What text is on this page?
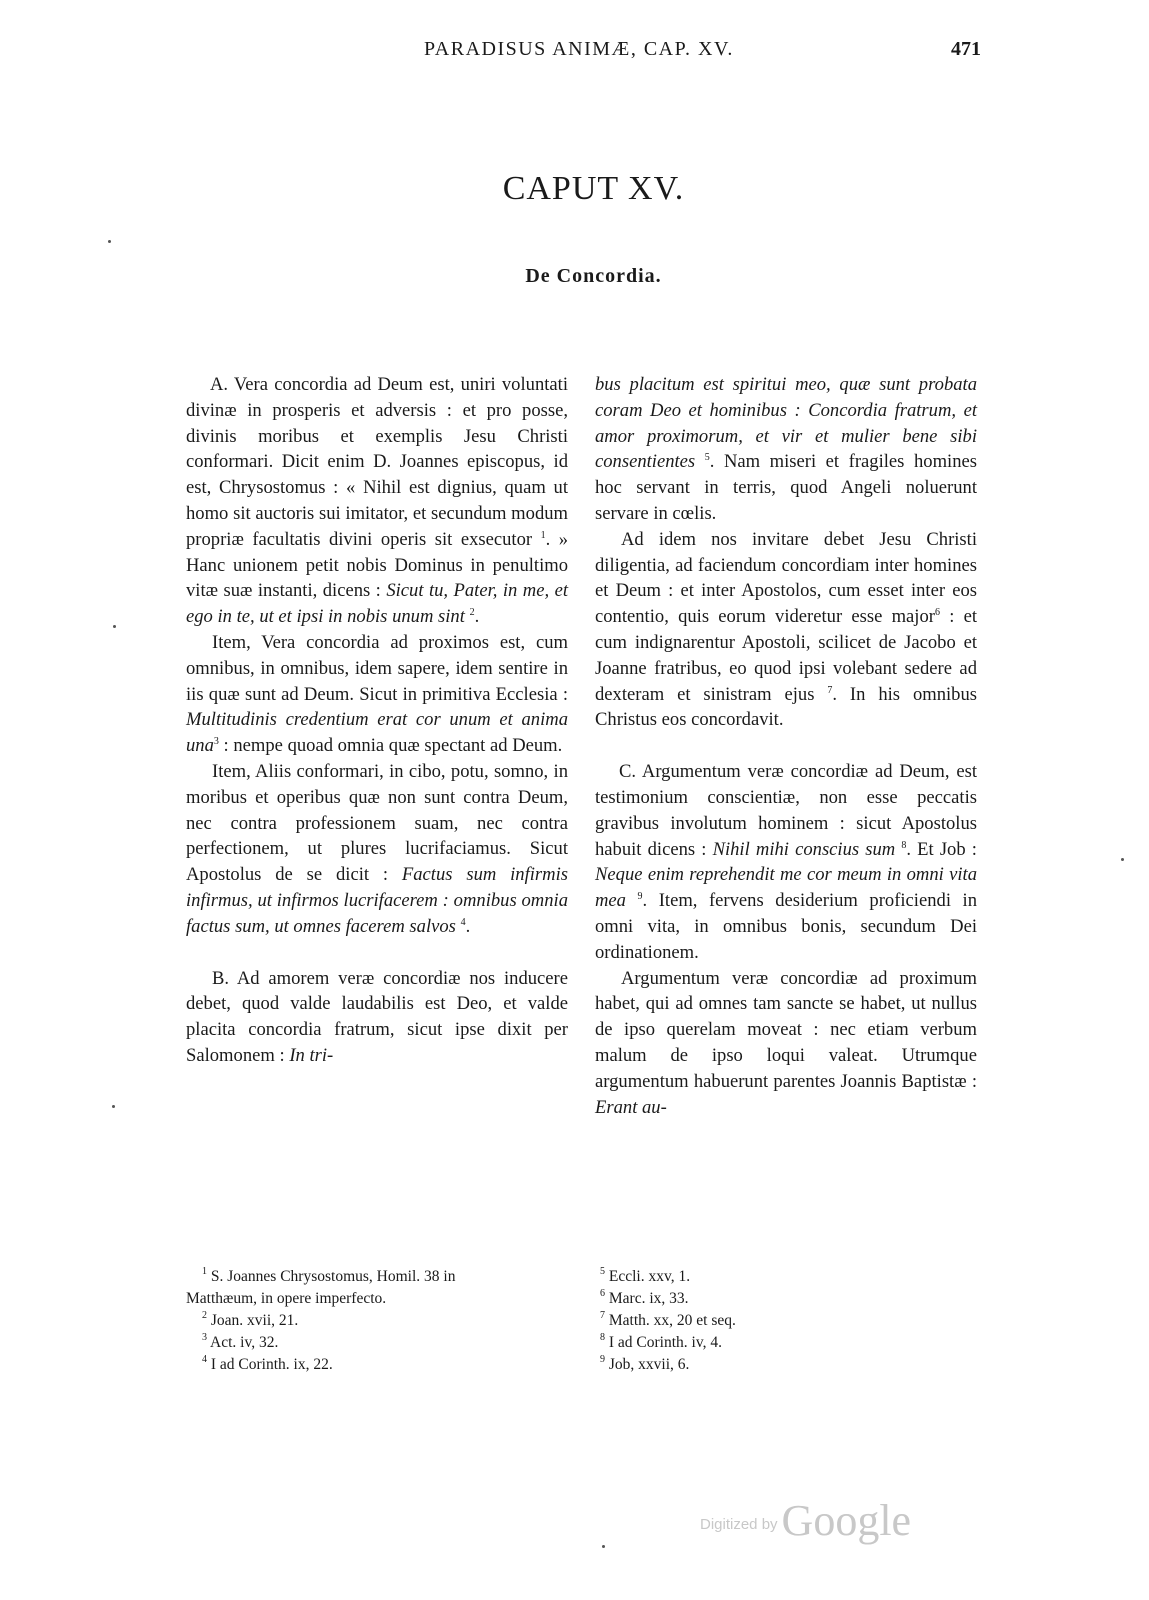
PARADISUS ANIMÆ, CAP. XV.	471
CAPUT XV.
De Concordia.

A. Vera concordia ad Deum est, uniri voluntati divinæ in prosperis et adversis : et pro posse, divinis moribus et exemplis Jesu Christi conformari. Dicit enim D. Joannes episcopus, id est, Chrysostomus : « Nihil est dignius, quam ut homo sit auctoris sui imitator, et secundum modum propriæ facultatis divini operis sit exsecutor $^1$. » Hanc unionem petit nobis Dominus in penultimo vitæ suæ instanti, dicens : Sicut tu, Pater, in me, et ego in te, ut et ipsi in nobis unum sint $^2$.

Item, Vera concordia ad proximos est, cum omnibus, in omnibus, idem sapere, idem sentire in iis quæ sunt ad Deum. Sicut in primitiva Ecclesia : Multitudinis credentium erat cor unum et anima una$^3$ : nempe quoad omnia quæ spectant ad Deum.

Item, Aliis conformari, in cibo, potu, somno, in moribus et operibus quæ non sunt contra Deum, nec contra professionem suam, nec contra perfectionem, ut plures lucrifaciamus. Sicut Apostolus de se dicit : Factus sum infirmis infirmus, ut infirmos lucrifacerem : omnibus omnia factus sum, ut omnes facerem salvos $^4$.

B. Ad amorem veræ concordiæ nos inducere debet, quod valde laudabilis est Deo, et valde placita concordia fratrum, sicut ipse dixit per Salomonem : In tri-

bus placitum est spiritui meo, quæ sunt probata coram Deo et hominibus : Concordia fratrum, et amor proximorum, et vir et mulier bene sibi consentientes $^5$. Nam miseri et fragiles homines hoc servant in terris, quod Angeli noluerunt servare in cœlis.

Ad idem nos invitare debet Jesu Christi diligentia, ad faciendum concordiam inter homines et Deum : et inter Apostolos, cum esset inter eos contentio, quis eorum videretur esse major$^6$ : et cum indignarentur Apostoli, scilicet de Jacobo et Joanne fratribus, eo quod ipsi volebant sedere ad dexteram et sinistram ejus $^7$. In his omnibus Christus eos concordavit.

C. Argumentum veræ concordiæ ad Deum, est testimonium conscientiæ, non esse peccatis gravibus involutum hominem : sicut Apostolus habuit dicens : Nihil mihi conscius sum $^8$. Et Job : Neque enim reprehendit me cor meum in omni vita mea $^9$. Item, fervens desiderium proficiendi in omni vita, in omnibus bonis, secundum Dei ordinationem.

Argumentum veræ concordiæ ad proximum habet, qui ad omnes tam sancte se habet, ut nullus de ipso querelam moveat : nec etiam verbum malum de ipso loqui valeat. Utrumque argumentum habuerunt parentes Joannis Baptistæ : Erant au-

$^1$ S. Joannes Chrysostomus, Homil. 38 in
Matthæum, in opere imperfecto.
$^2$ Joan. xvii, 21.
$^3$ Act. iv, 32.
$^4$ I ad Corinth. ix, 22.
$^5$ Eccli. xxv, 1.
$^6$ Marc. ix, 33.
$^7$ Matth. xx, 20 et seq.
$^8$ I ad Corinth. iv, 4.
$^9$ Job, xxvii, 6.
Digitized by Google
